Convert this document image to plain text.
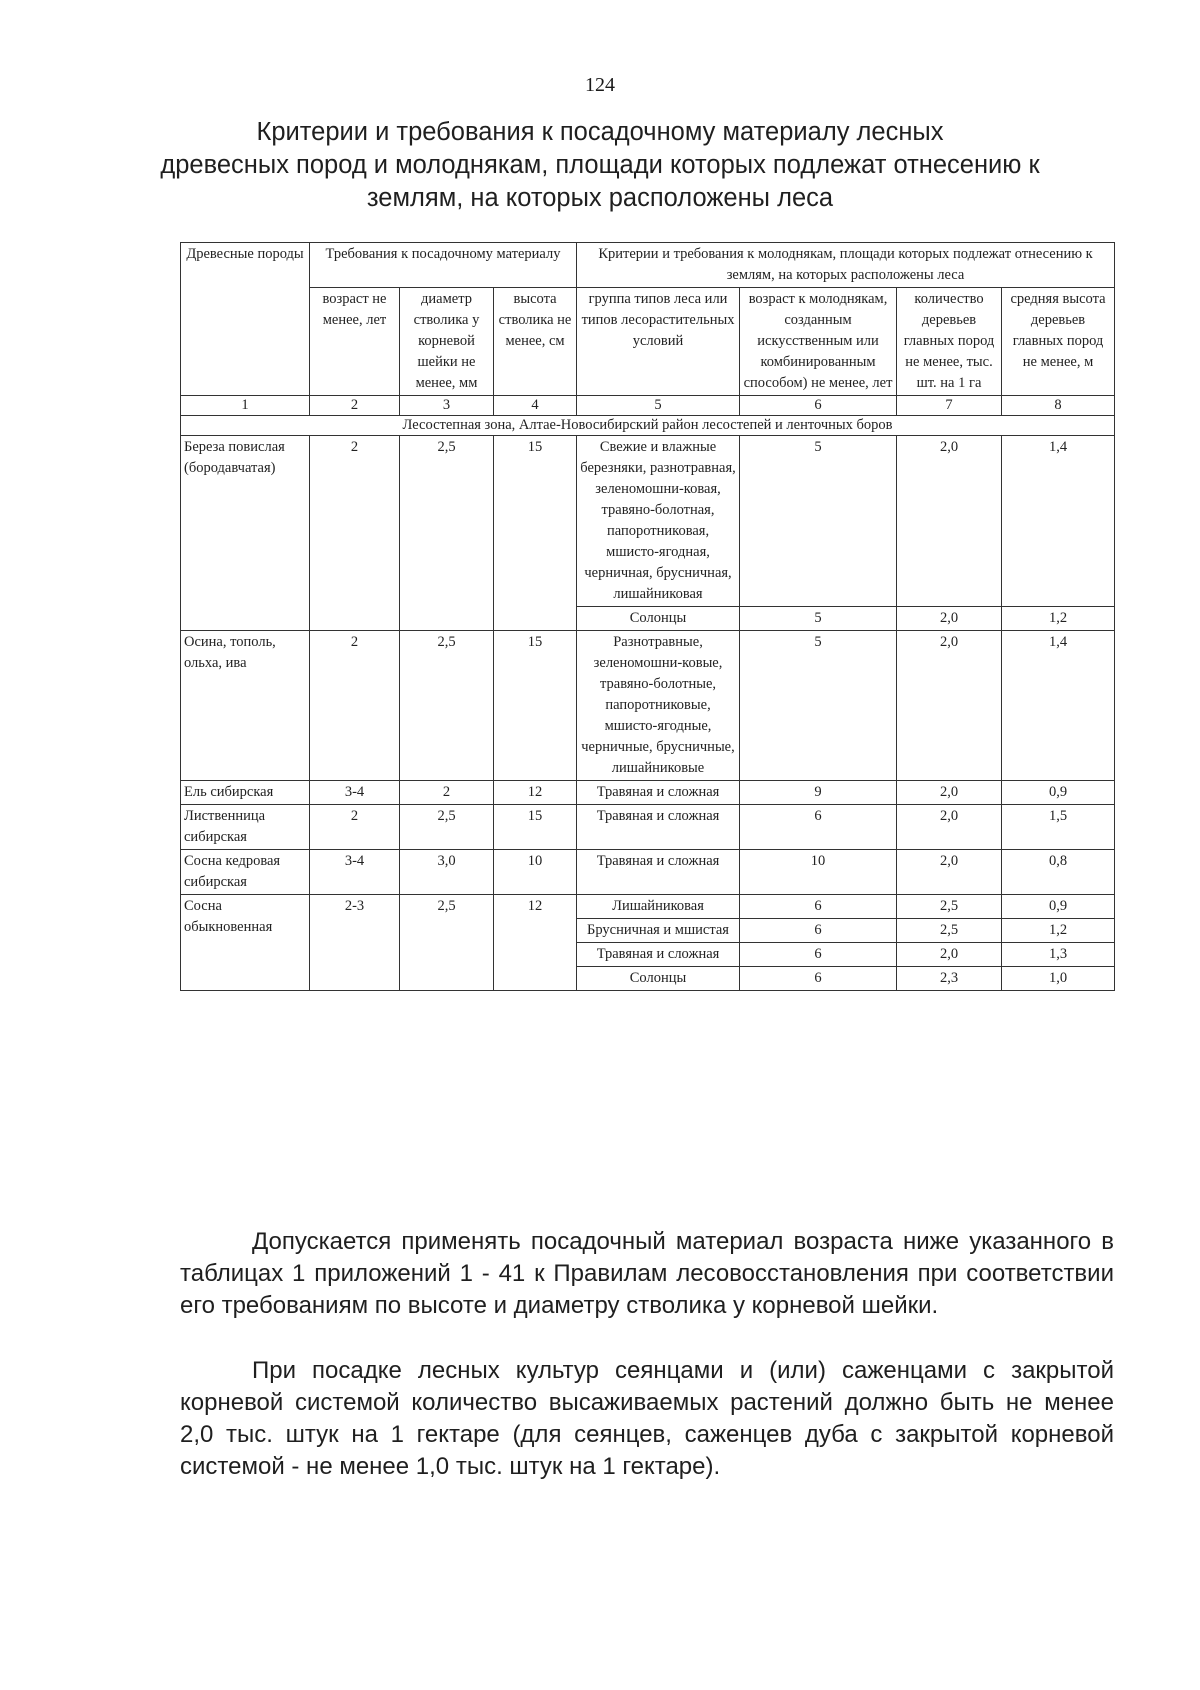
124
Критерии и требования к посадочному материалу лесных
древесных пород и молоднякам, площади которых подлежат отнесению к
землям, на которых расположены леса
Древесные породы	Требования к посадочному материалу			Критерии и требования к молоднякам, площади которых подлежат отнесению к землям, на которых расположены леса			
	возраст не менее, лет	диаметр стволика у корневой шейки не менее, мм	высота стволика не менее, см	группа типов леса или типов лесорастительных условий	возраст к молоднякам, созданным искусственным или комбинированным способом) не менее, лет	количество деревьев главных пород не менее, тыс. шт. на 1 га	средняя высота деревьев главных пород не менее, м
1	2	3	4	5	6	7	8
Лесостепная зона, Алтае-Новосибирский район лесостепей и ленточных боров							
Береза повислая (бородавчатая)	2	2,5	15	Свежие и влажные березняки, разнотравная, зеленомошни-ковая, травяно-болотная, папоротниковая, мшисто-ягодная, черничная, брусничная, лишайниковая	5	2,0	1,4
				Солонцы	5	2,0	1,2
Осина, тополь, ольха, ива	2	2,5	15	Разнотравные, зеленомошни-ковые, травяно-болотные, папоротниковые, мшисто-ягодные, черничные, брусничные, лишайниковые	5	2,0	1,4
Ель сибирская	3-4	2	12	Травяная и сложная	9	2,0	0,9
Лиственница сибирская	2	2,5	15	Травяная и сложная	6	2,0	1,5
Сосна кедровая сибирская	3-4	3,0	10	Травяная и сложная	10	2,0	0,8
Сосна обыкновенная	2-3	2,5	12	Лишайниковая	6	2,5	0,9
				Брусничная и мшистая	6	2,5	1,2
				Травяная и сложная	6	2,0	1,3
				Солонцы	6	2,3	1,0

Допускается применять посадочный материал возраста ниже указанного в таблицах 1 приложений 1 - 41 к Правилам лесовосстановления при соответствии его требованиям по высоте и диаметру стволика у корневой шейки.

При посадке лесных культур сеянцами и (или) саженцами с закрытой корневой системой количество высаживаемых растений должно быть не менее 2,0 тыс. штук на 1 гектаре (для сеянцев, саженцев дуба с закрытой корневой системой - не менее 1,0 тыс. штук на 1 гектаре).
